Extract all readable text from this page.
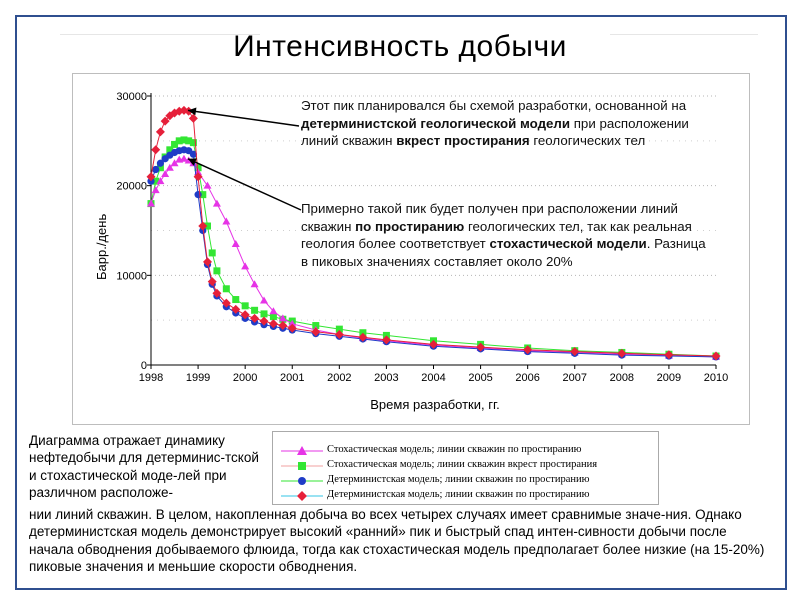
Интенсивность добычи
0
10000
20000
30000
1998 1999 2000 2001 2002 2003 2004 2005 2006 2007 2008 2009 2010
Барр./день
Время разработки, гг.
Этот пик планировался бы схемой разработки, основанной на детерминистской геологической модели при расположении линий скважин вкрест простирания геологических тел
Примерно такой пик будет получен при расположении линий скважин по простиранию геологических тел, так как реальная геология более соответствует стохастической модели. Разница в пиковых значениях составляет около 20%
Стохастическая модель; линии скважин по простиранию
Стохастическая модель; линии скважин вкрест простирания
Детерминистская модель; линии скважин по простиранию
Детерминистская модель; линии скважин по простиранию
Диаграмма отражает динамику нефтедобычи для детерминис-тской и стохастической моде-лей при различном расположе-
нии линий скважин. В целом, накопленная добыча во всех четырех случаях имеет сравнимые значе-ния. Однако детерминистская модель демонстрирует высокий «ранний» пик и быстрый спад интен-сивности добычи после начала обводнения добываемого флюида, тогда как стохастическая модель предполагает более низкие (на 15-20%) пиковые значения и меньшие скорости обводнения.
